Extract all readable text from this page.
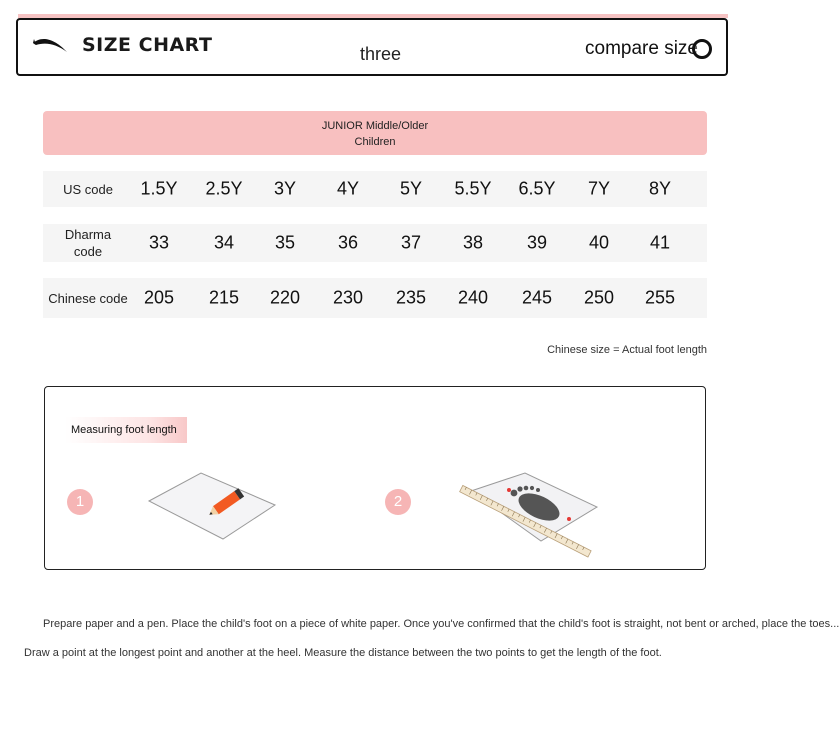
SIZE CHART	three	compare size
JUNIOR Middle/Older
Children
US code	1.5Y 2.5Y 3Y 4Y 5Y 5.5Y 6.5Y 7Y 8Y
Dharma code	33 34 35 36 37 38 39 40 41
Chinese code 205 215 220 230 235 240 245 250 255
Chinese size = Actual foot length
Measuring foot length
1	2
Prepare paper and a pen. Place the child's foot on a piece of white paper. Once you've confirmed that the child's foot is straight, not bent or arched, place the toes...
Draw a point at the longest point and another at the heel. Measure the distance between the two points to get the length of the foot.
